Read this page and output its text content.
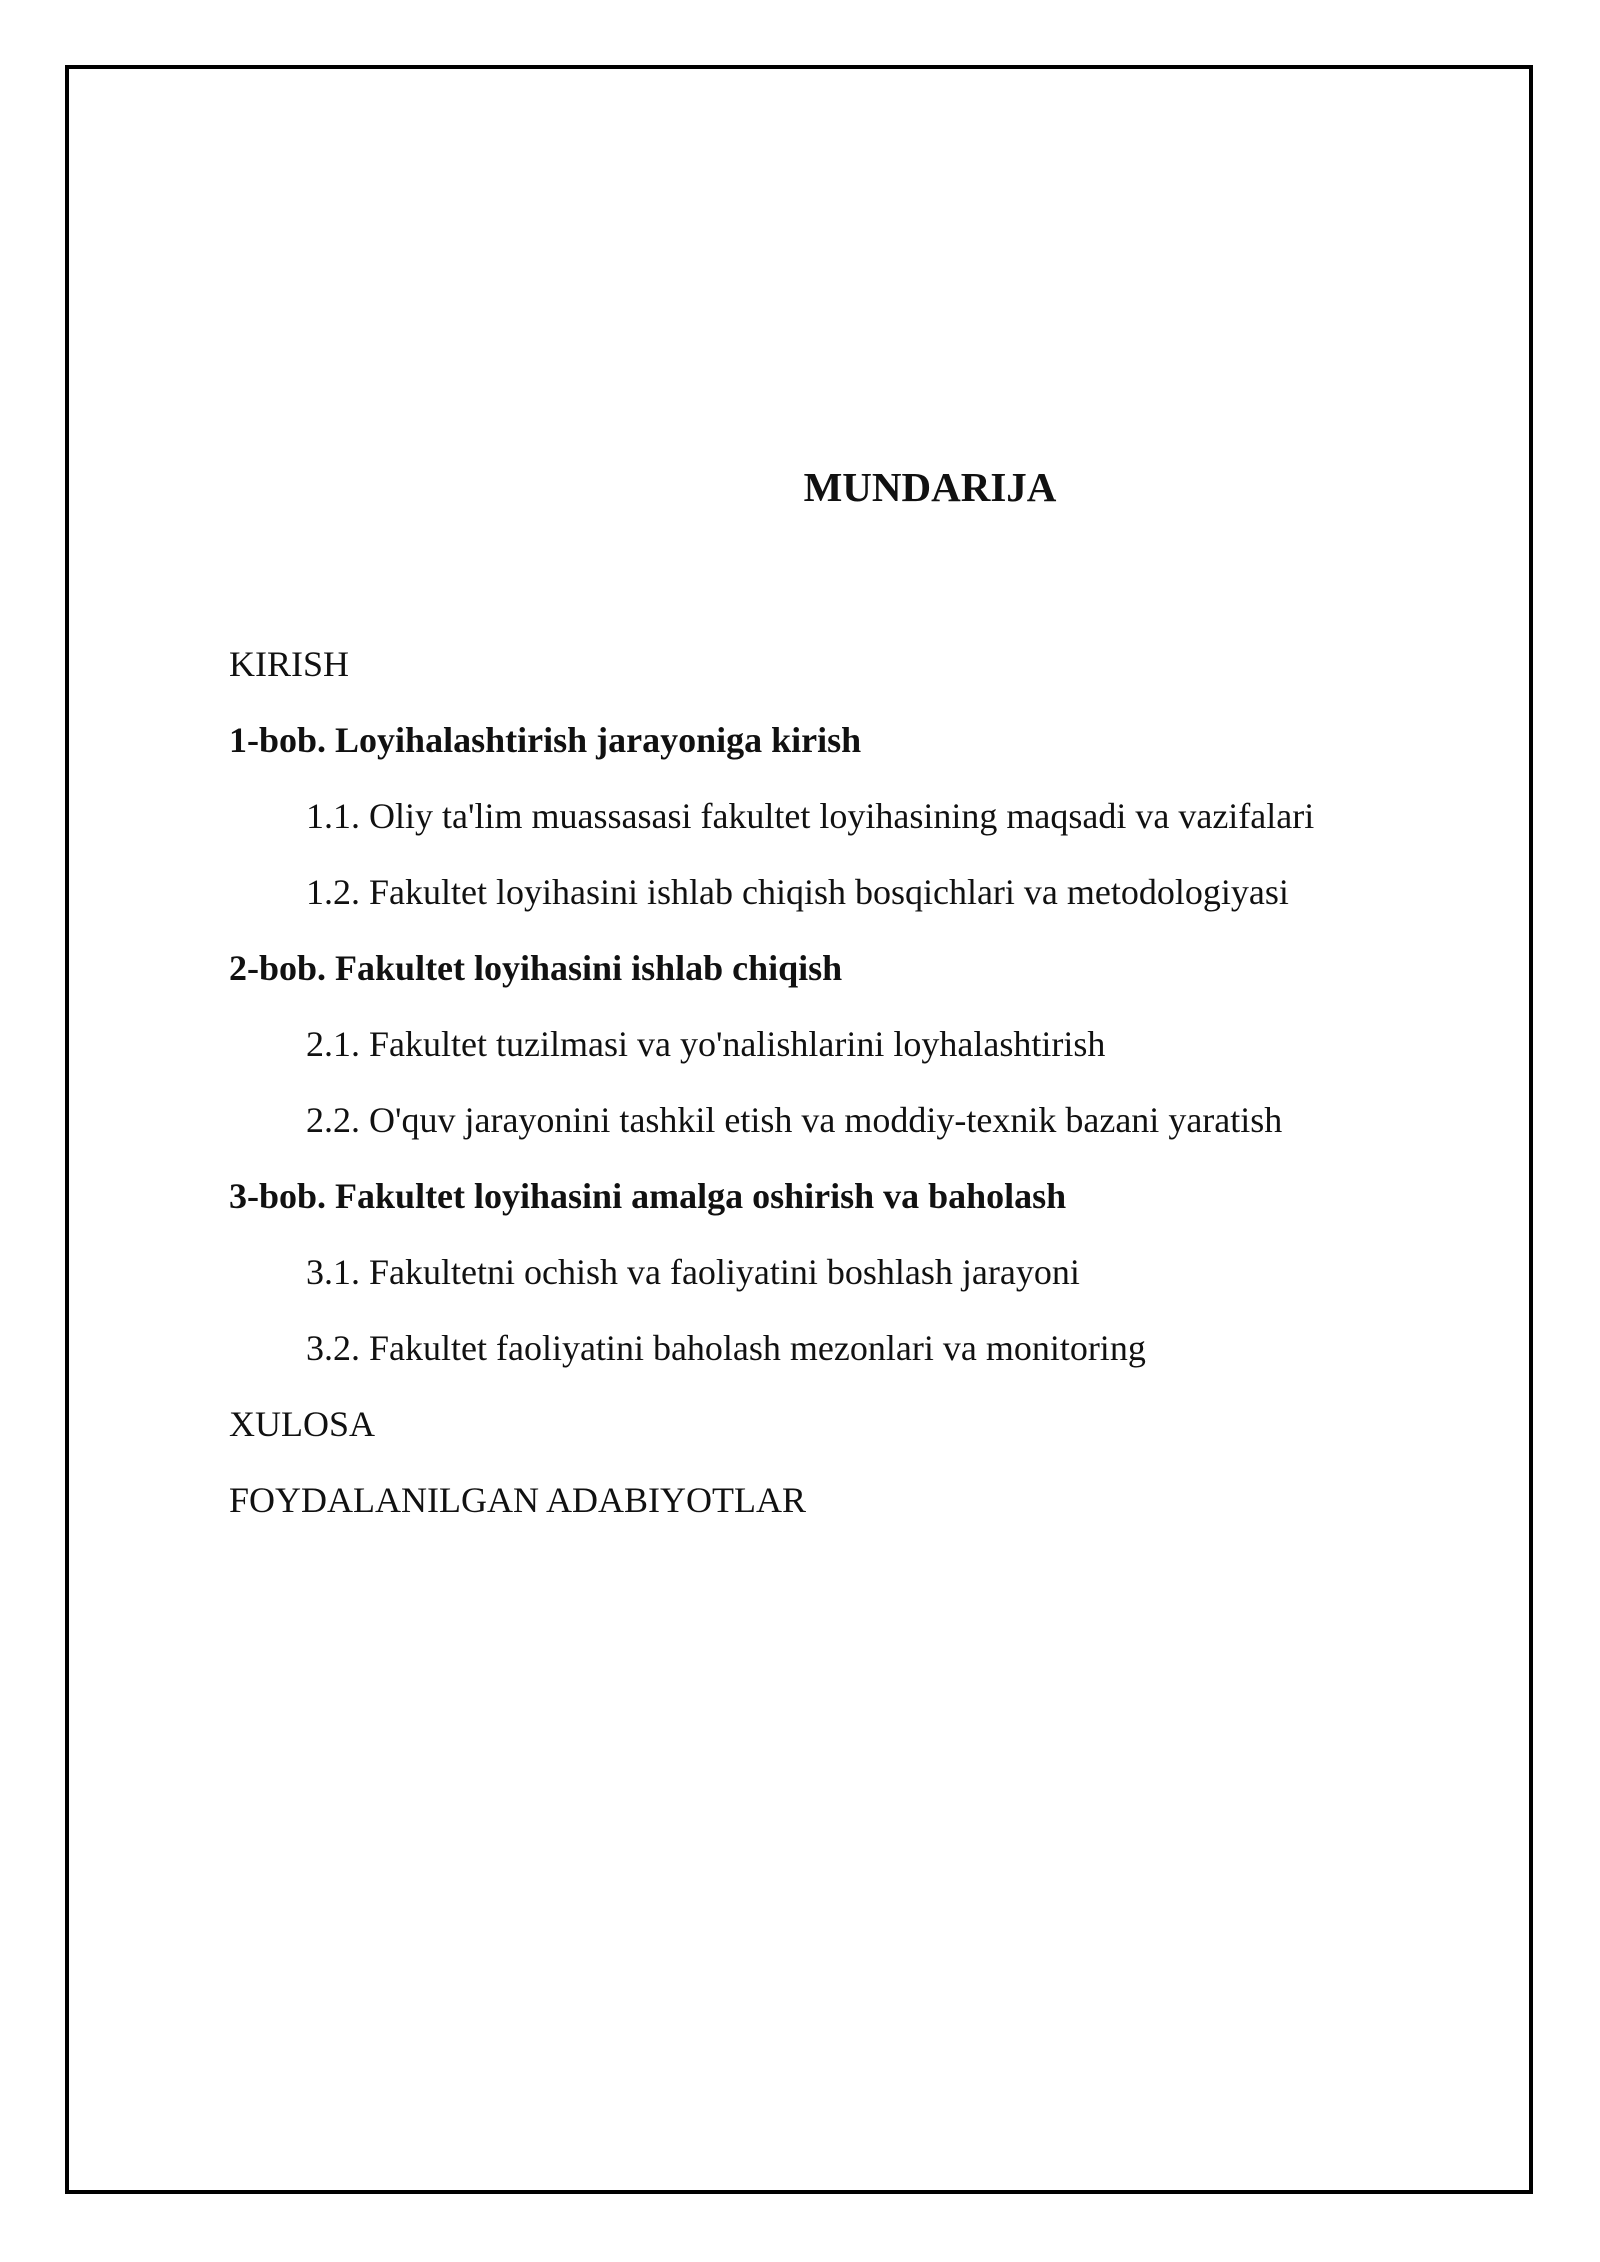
MUNDARIJA
KIRISH
1-bob. Loyihalashtirish jarayoniga kirish
1.1. Oliy ta'lim muassasasi fakultet loyihasining maqsadi va vazifalari
1.2. Fakultet loyihasini ishlab chiqish bosqichlari va metodologiyasi
2-bob. Fakultet loyihasini ishlab chiqish
2.1. Fakultet tuzilmasi va yo'nalishlarini loyhalashtirish
2.2. O'quv jarayonini tashkil etish va moddiy-texnik bazani yaratish
3-bob. Fakultet loyihasini amalga oshirish va baholash
3.1. Fakultetni ochish va faoliyatini boshlash jarayoni
3.2. Fakultet faoliyatini baholash mezonlari va monitoring
XULOSA
FOYDALANILGAN ADABIYOTLAR
